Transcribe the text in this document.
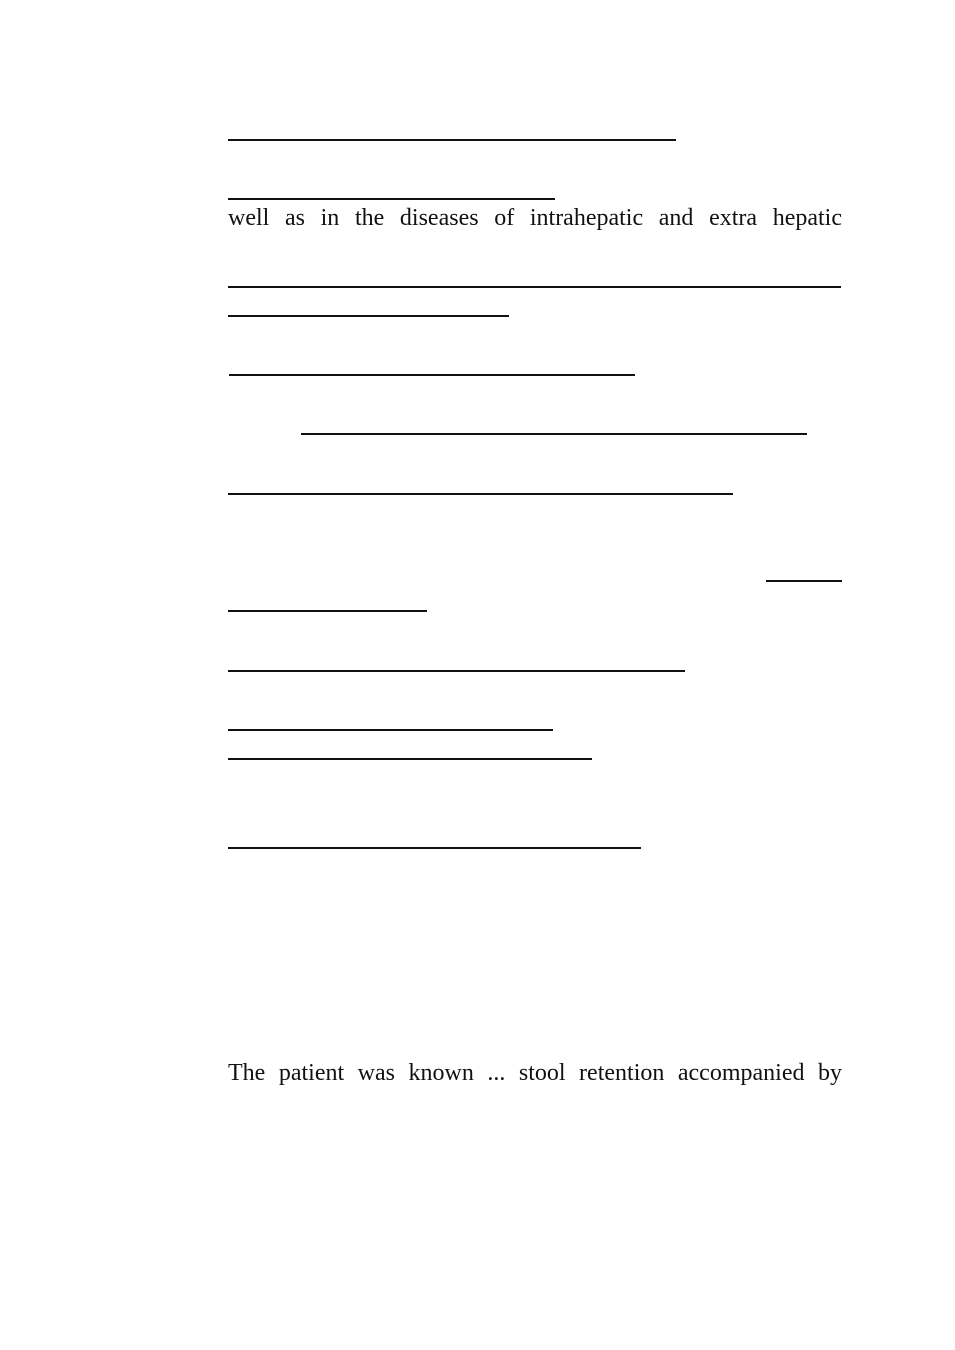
well as in the diseases of intrahepatic and extra hepatic
The patient was known ... stool retention accompanied by
